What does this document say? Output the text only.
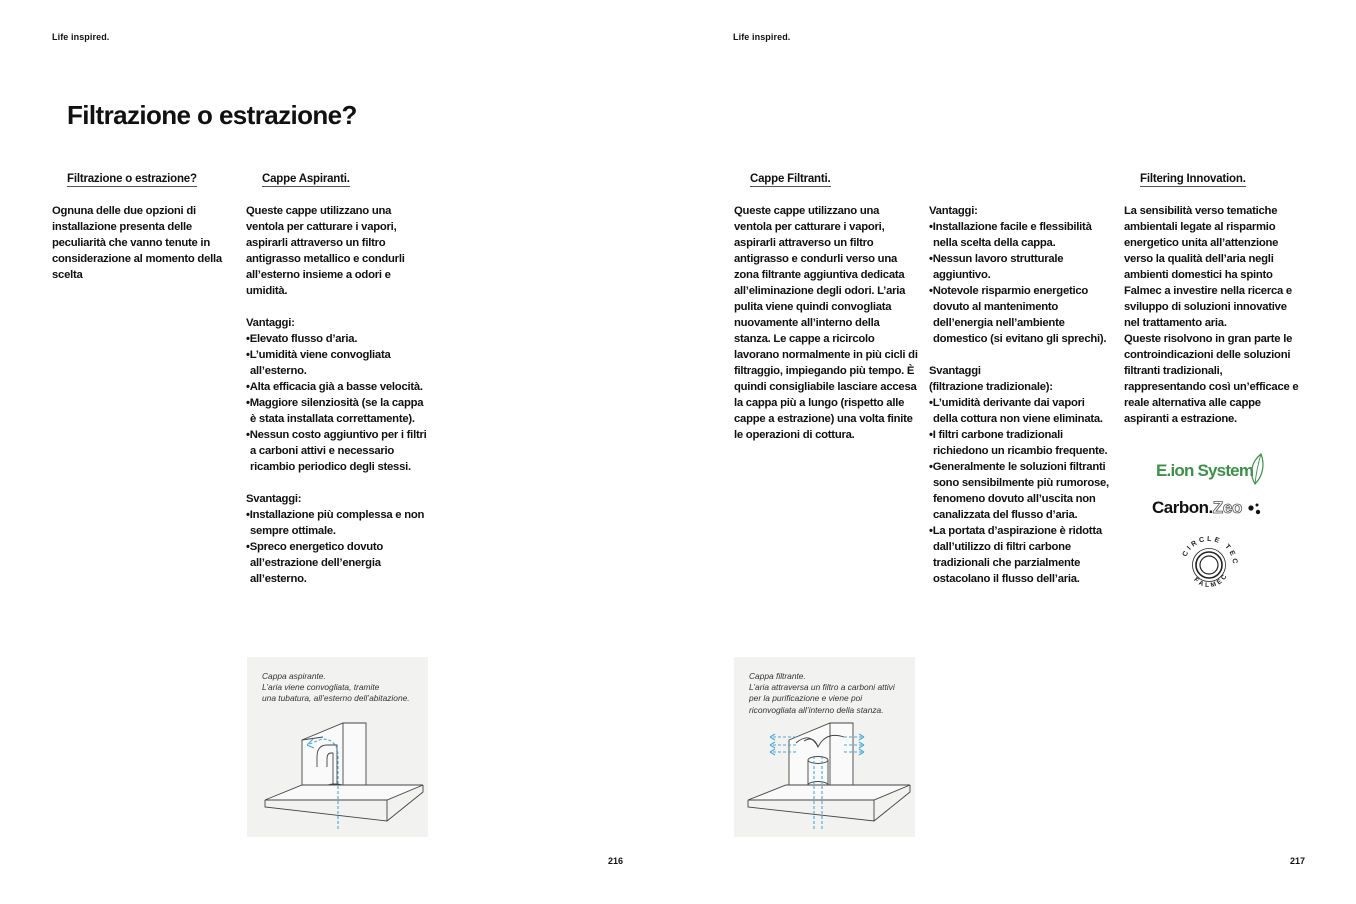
Life inspired.
Filtrazione o estrazione?
Filtrazione o estrazione?
Ognuna delle due opzioni di installazione presenta delle peculiarità che vanno tenute in considerazione al momento della scelta
Cappe Aspiranti.

Queste cappe utilizzano una ventola per catturare i vapori, aspirarli attraverso un filtro antigrasso metallico e condurli all’esterno insieme a odori e umidità.

Vantaggi:

• Elevato flusso d’aria.
• L’umidità viene convogliata all’esterno.
• Alta efficacia già a basse velocità.
• Maggiore silenziosità (se la cappa è stata installata correttamente).
• Nessun costo aggiuntivo per i filtri a carboni attivi e necessario ricambio periodico degli stessi.

Svantaggi:

• Installazione più complessa e non sempre ottimale.
• Spreco energetico dovuto all’estrazione dell’energia all’esterno.
Cappa aspirante.
L’aria viene convogliata, tramite
una tubatura, all’esterno dell’abitazione.
216
Life inspired.
Cappe Filtranti.
Queste cappe utilizzano una ventola per catturare i vapori, aspirarli attraverso un filtro antigrasso e condurli verso una zona filtrante aggiuntiva dedicata all’eliminazione degli odori. L’aria pulita viene quindi convogliata nuovamente all’interno della stanza. Le cappe a ricircolo lavorano normalmente in più cicli di filtraggio, impiegando più tempo. È quindi consigliabile lasciare accesa la cappa più a lungo (rispetto alle cappe a estrazione) una volta finite le operazioni di cottura.

Vantaggi:

• Installazione facile e flessibilità nella scelta della cappa.
• Nessun lavoro strutturale aggiuntivo.
• Notevole risparmio energetico dovuto al mantenimento dell’energia nell’ambiente domestico (si evitano gli sprechi).

Svantaggi

(filtrazione tradizionale):

• L’umidità derivante dai vapori della cottura non viene eliminata.
• I filtri carbone tradizionali richiedono un ricambio frequente.
• Generalmente le soluzioni filtranti sono sensibilmente più rumorose, fenomeno dovuto all’uscita non canalizzata del flusso d’aria.
• La portata d’aspirazione è ridotta dall’utilizzo di filtri carbone tradizionali che parzialmente ostacolano il flusso dell’aria.
Filtering Innovation.

La sensibilità verso tematiche ambientali legate al risparmio energetico unita all’attenzione verso la qualità dell’aria negli ambienti domestici ha spinto Falmec a investire nella ricerca e sviluppo di soluzioni innovative nel trattamento aria.

Queste risolvono in gran parte le controindicazioni delle soluzioni filtranti tradizionali, rappresentando così un’efficace e reale alternativa alle cappe aspiranti a estrazione.

E.ion System
Carbon.Zeo
CIRCLE TEC
FALMEC
Cappa filtrante.
L’aria attraversa un filtro a carboni attivi
per la purificazione e viene poi
riconvogliata all’interno della stanza.
217
